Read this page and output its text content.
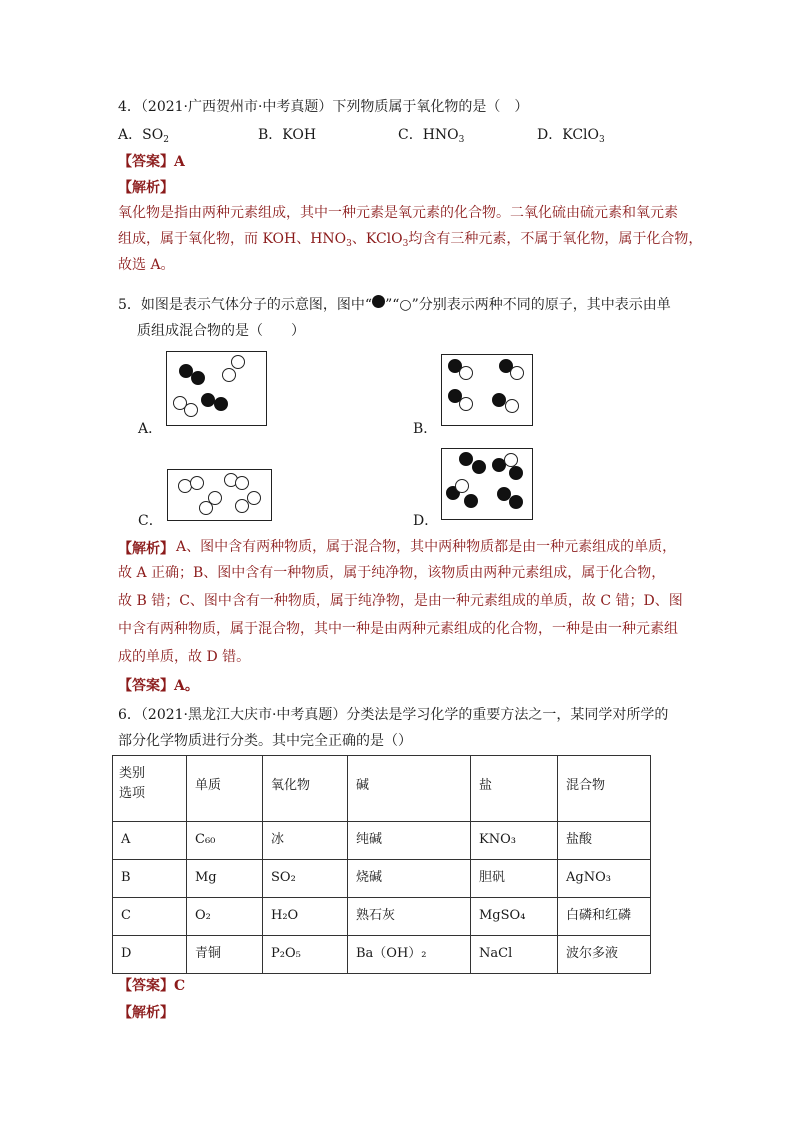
4．（2021·广西贺州市·中考真题）下列物质属于氧化物的是（　）
A．$SO_2$	B．KOH	C．$HNO_3$	D．KClO$_3$
【答案】A
【解析】
氧化物是指由两种元素组成，其中一种元素是氧元素的化合物。二氧化硫由硫元素和氧元素
组成，属于氧化物，而 KOH、$HNO_3$、KClO$_3$均含有三种元素，不属于氧化物，属于化合物，
故选 A。
5．如图是表示气体分子的示意图，图中“ ”“○”分别表示两种不同的原子，其中表示由单
质组成混合物的是（　　）
A．	B．
C．	D．
【解析】 A、图中含有两种物质，属于混合物，其中两种物质都是由一种元素组成的单质，
故 A 正确；B、图中含有一种物质，属于纯净物，该物质由两种元素组成，属于化合物，
故 B 错；C、图中含有一种物质，属于纯净物，是由一种元素组成的单质，故 C 错；D、图
中含有两种物质，属于混合物，其中一种是由两种元素组成的化合物，一种是由一种元素组
成的单质，故 D 错。
【答案】A。
6．（2021·黑龙江大庆市·中考真题）分类法是学习化学的重要方法之一，某同学对所学的
部分化学物质进行分类。其中完全正确的是（）
类别
选项	单质	氧化物	碱	盐	混合物
A	C₆₀	冰	纯碱	KNO₃	盐酸
B	Mg	SO₂	烧碱	胆矾	AgNO₃
C	O₂	H₂O	熟石灰	MgSO₄	白磷和红磷
D	青铜	P₂O₅	Ba（OH）₂	NaCl	波尔多液
【答案】C
【解析】
